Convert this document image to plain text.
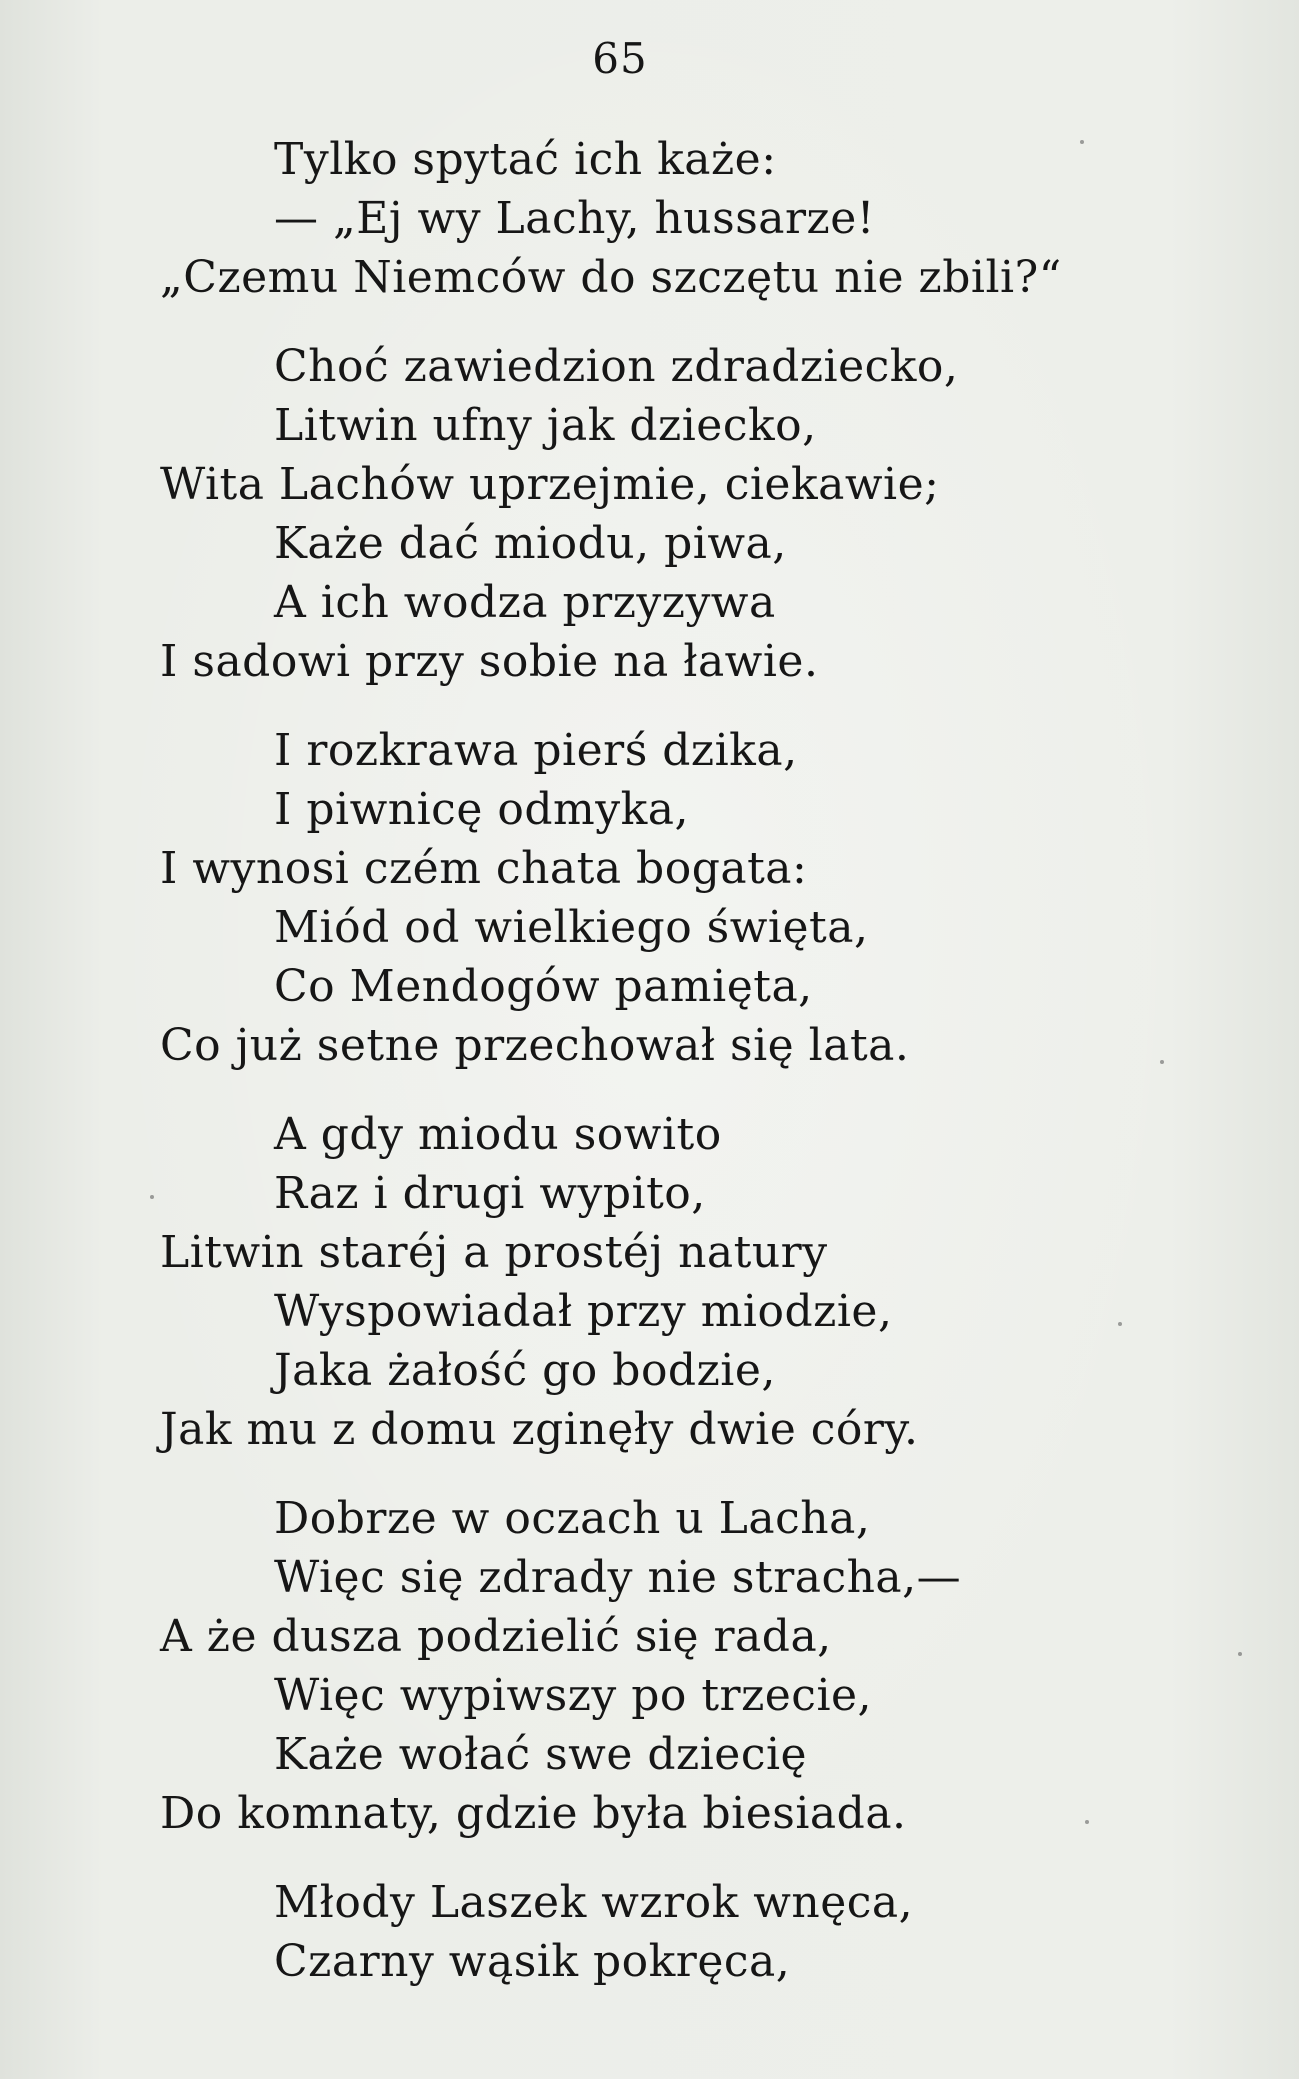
65
Tylko spytać ich każe:
— „Ej wy Lachy, hussarze!
„Czemu Niemców do szczętu nie zbili?“
Choć zawiedzion zdradziecko,
Litwin ufny jak dziecko,
Wita Lachów uprzejmie, ciekawie;
Każe dać miodu, piwa,
A ich wodza przyzywa
I sadowi przy sobie na ławie.
I rozkrawa pierś dzika,
I piwnicę odmyka,
I wynosi czém chata bogata:
Miód od wielkiego święta,
Co Mendogów pamięta,
Co już setne przechował się lata.
A gdy miodu sowito
Raz i drugi wypito,
Litwin staréj a prostéj natury
Wyspowiadał przy miodzie,
Jaka żałość go bodzie,
Jak mu z domu zginęły dwie córy.
Dobrze w oczach u Lacha,
Więc się zdrady nie stracha,—
A że dusza podzielić się rada,
Więc wypiwszy po trzecie,
Każe wołać swe dziecię
Do komnaty, gdzie była biesiada.
Młody Laszek wzrok wnęca,
Czarny wąsik pokręca,
